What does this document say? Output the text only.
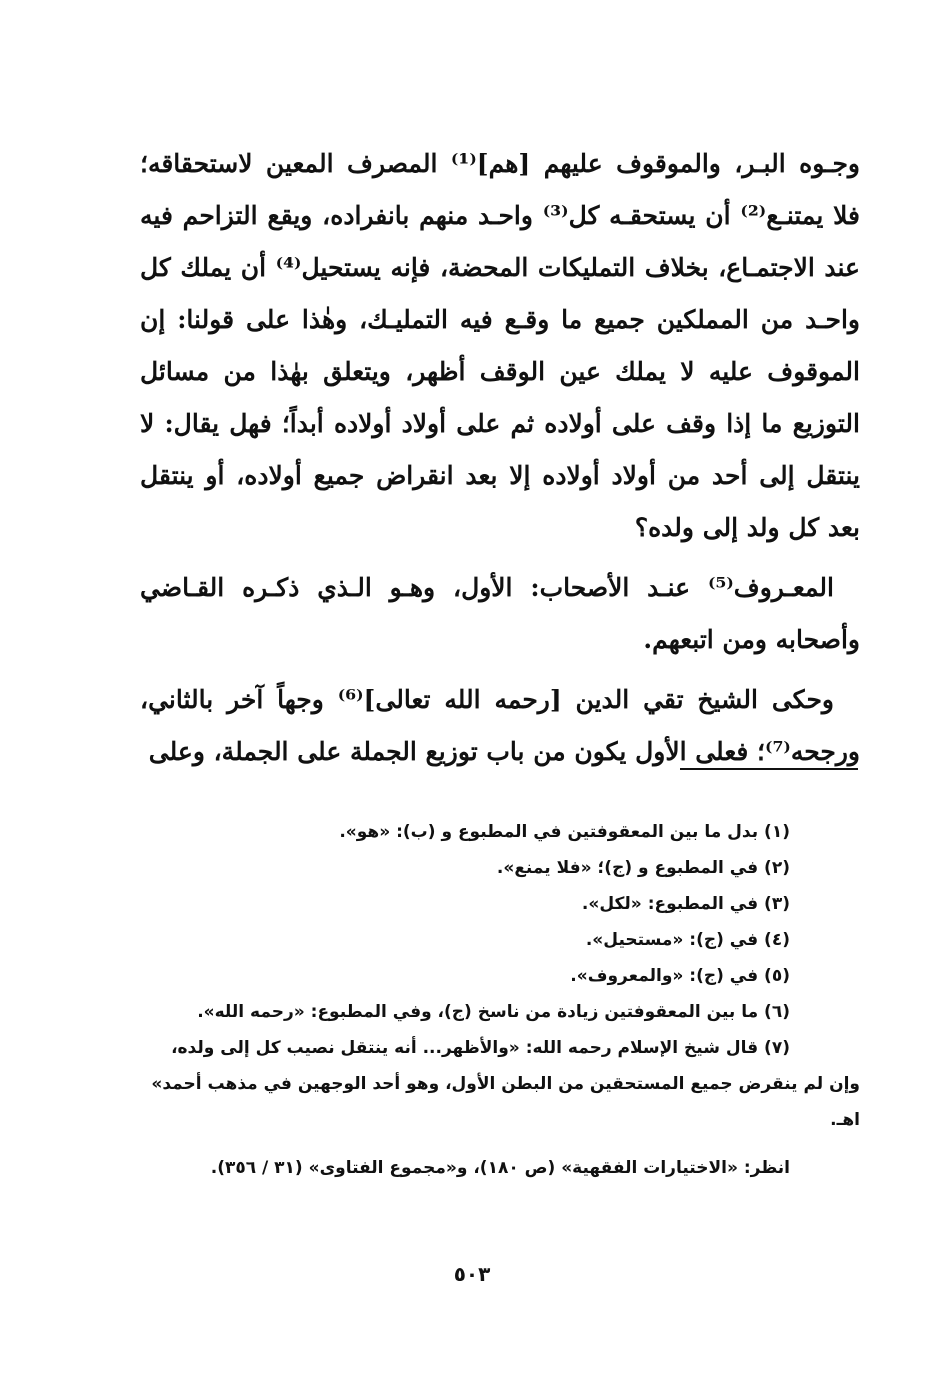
وجـوه البـر، والموقوف عليهم [هم]⁽¹⁾ المصرف المعين لاستحقاقه؛ فلا يمتنـع⁽²⁾ أن يستحقـه كل⁽³⁾ واحـد منهم بانفراده، ويقع التزاحم فيه عند الاجتمـاع، بخلاف التمليكات المحضة، فإنه يستحيل⁽⁴⁾ أن يملك كل واحـد من المملكين جميع ما وقـع فيه التمليـك، وهٰذا على قولنا: إن الموقوف عليه لا يملك عين الوقف أظهر، ويتعلق بهٰذا من مسائل التوزيع ما إذا وقف على أولاده ثم على أولاد أولاده أبداً؛ فهل يقال: لا ينتقل إلى أحد من أولاد أولاده إلا بعد انقراض جميع أولاده، أو ينتقل بعد كل ولد إلى ولده؟

المعـروف⁽⁵⁾ عنـد الأصحاب: الأول، وهـو الـذي ذكـره القـاضي وأصحابه ومن اتبعهم.

وحكى الشيخ تقي الدين [رحمه الله تعالى]⁽⁶⁾ وجهاً آخر بالثاني، ورجحه⁽⁷⁾؛ فعلى الأول يكون من باب توزيع الجملة على الجملة، وعلى

(١) بدل ما بين المعقوفتين في المطبوع و (ب): «هو».

(٢) في المطبوع و (ج)؛ «فلا يمنع».

(٣) في المطبوع: «لكل».

(٤) في (ج): «مستحيل».

(٥) في (ج): «والمعروف».

(٦) ما بين المعقوفتين زيادة من ناسخ (ج)، وفي المطبوع: «رحمه الله».

(٧) قال شيخ الإسلام رحمه الله: «والأظهر... أنه ينتقل نصيب كل إلى ولده،

وإن لم ينقرض جميع المستحقين من البطن الأول، وهو أحد الوجهين في مذهب أحمد» اهـ.

انظر: «الاختيارات الفقهية» (ص ١٨٠)، و«مجموع الفتاوى» (٣١ / ٣٥٦).

٥٠٣
